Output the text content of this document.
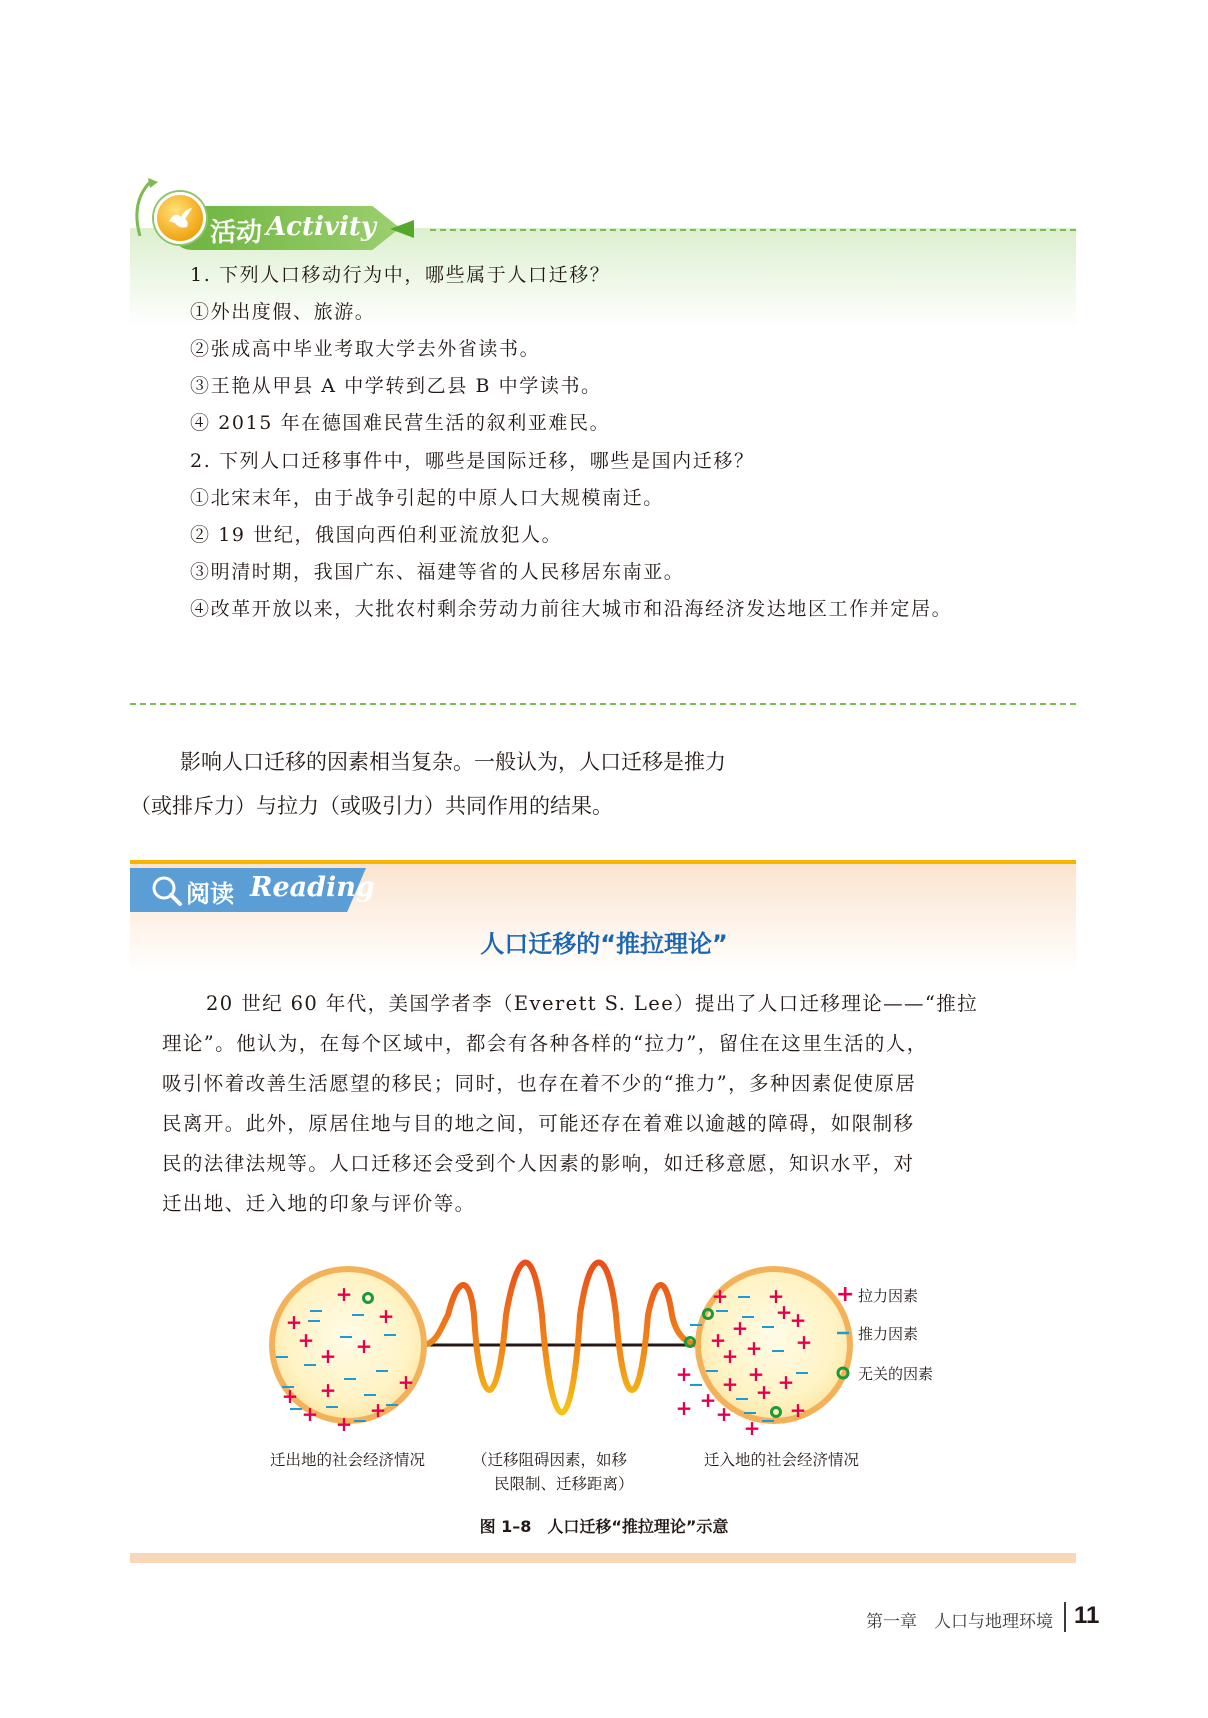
活动 Activity
1. 下列人口移动行为中，哪些属于人口迁移？
①外出度假、旅游。
②张成高中毕业考取大学去外省读书。
③王艳从甲县 A 中学转到乙县 B 中学读书。
④ 2015 年在德国难民营生活的叙利亚难民。
2. 下列人口迁移事件中，哪些是国际迁移，哪些是国内迁移？
①北宋末年，由于战争引起的中原人口大规模南迁。
② 19 世纪，俄国向西伯利亚流放犯人。
③明清时期，我国广东、福建等省的人民移居东南亚。
④改革开放以来，大批农村剩余劳动力前往大城市和沿海经济发达地区工作并定居。
影响人口迁移的因素相当复杂。一般认为，人口迁移是推力
（或排斥力）与拉力（或吸引力）共同作用的结果。
阅读 Reading
人口迁移的“推拉理论”
20 世纪 60 年代，美国学者李（Everett S. Lee）提出了人口迁移理论——“推拉
理论”。他认为，在每个区域中，都会有各种各样的“拉力”，留住在这里生活的人，
吸引怀着改善生活愿望的移民；同时，也存在着不少的“推力”，多种因素促使原居
民离开。此外，原居住地与目的地之间，可能还存在着难以逾越的障碍，如限制移
民的法律法规等。人口迁移还会受到个人因素的影响，如迁移意愿，知识水平，对
迁出地、迁入地的印象与评价等。
+
+	+
+ +
+
+
+ +
+
+ +
+ +
+
+
+
+ +
+
+
+	+
+ +
+
+	+
+
+
+
+ 拉力因素
推力因素
无关的因素
迁出地的社会经济情况	（迁移阻碍因素，如移
民限制、迁移距离）
迁入地的社会经济情况
图 1–8　人口迁移“推拉理论”示意
第一章　人口与地理环境 11
